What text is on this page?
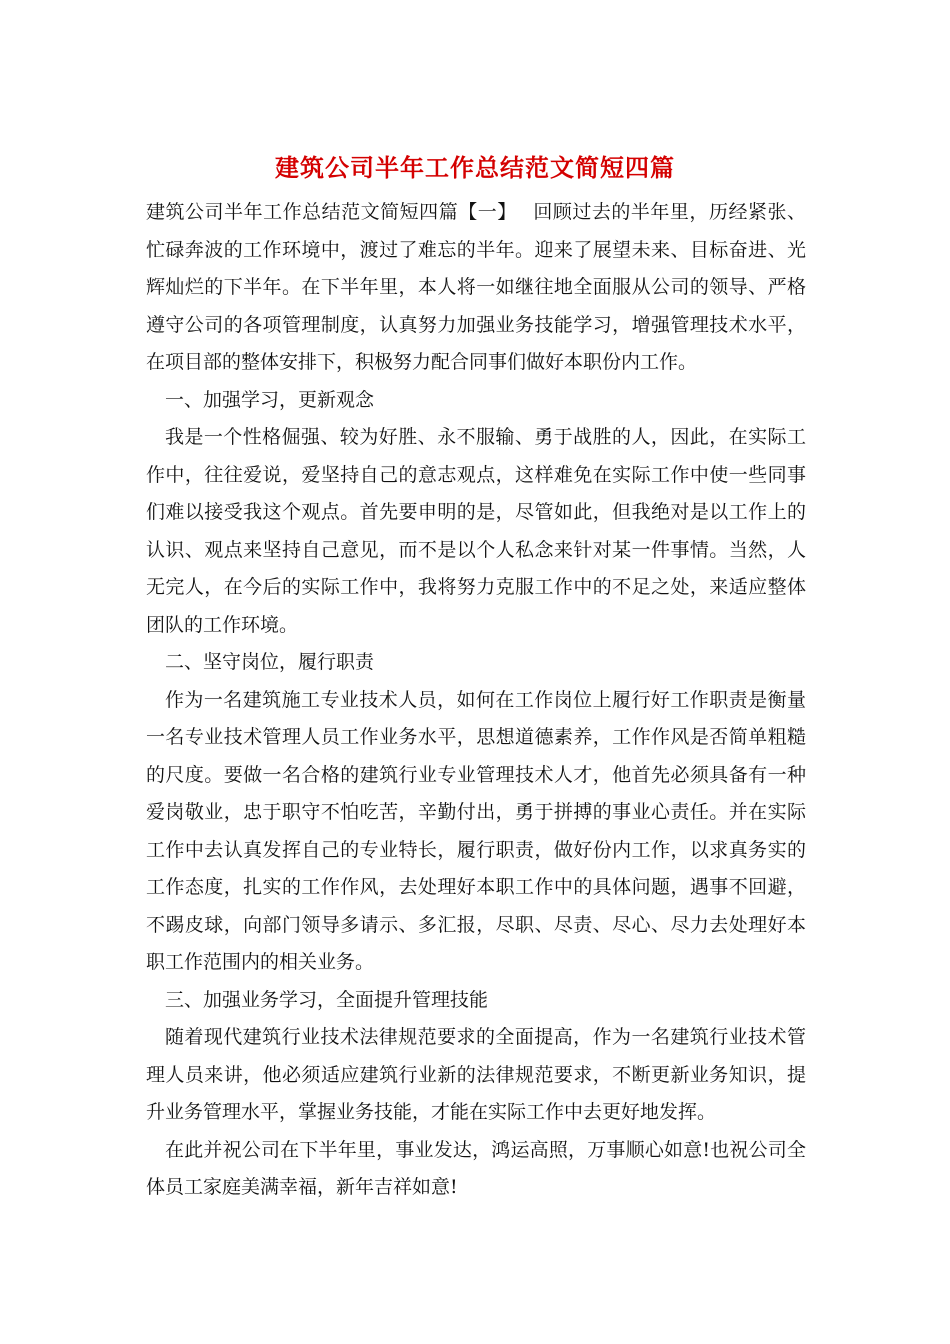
建筑公司半年工作总结范文简短四篇

建筑公司半年工作总结范文简短四篇【一】　 回顾过去的半年里，历经紧张、忙碌奔波的工作环境中，渡过了难忘的半年。迎来了展望未来、目标奋进、光辉灿烂的下半年。在下半年里，本人将一如继往地全面服从公司的领导、严格遵守公司的各项管理制度，认真努力加强业务技能学习，增强管理技术水平，在项目部的整体安排下，积极努力配合同事们做好本职份内工作。

一、加强学习，更新观念

我是一个性格倔强、较为好胜、永不服输、勇于战胜的人，因此，在实际工作中，往往爱说，爱坚持自己的意志观点，这样难免在实际工作中使一些同事们难以接受我这个观点。首先要申明的是，尽管如此，但我绝对是以工作上的认识、观点来坚持自己意见，而不是以个人私念来针对某一件事情。当然，人无完人，在今后的实际工作中，我将努力克服工作中的不足之处，来适应整体团队的工作环境。

二、坚守岗位，履行职责

作为一名建筑施工专业技术人员，如何在工作岗位上履行好工作职责是衡量一名专业技术管理人员工作业务水平，思想道德素养，工作作风是否简单粗糙的尺度。要做一名合格的建筑行业专业管理技术人才，他首先必须具备有一种爱岗敬业，忠于职守不怕吃苦，辛勤付出，勇于拼搏的事业心责任。并在实际工作中去认真发挥自己的专业特长，履行职责，做好份内工作，以求真务实的工作态度，扎实的工作作风，去处理好本职工作中的具体问题，遇事不回避，不踢皮球，向部门领导多请示、多汇报，尽职、尽责、尽心、尽力去处理好本职工作范围内的相关业务。

三、加强业务学习，全面提升管理技能

随着现代建筑行业技术法律规范要求的全面提高，作为一名建筑行业技术管理人员来讲，他必须适应建筑行业新的法律规范要求，不断更新业务知识，提升业务管理水平，掌握业务技能，才能在实际工作中去更好地发挥。

在此并祝公司在下半年里，事业发达，鸿运高照，万事顺心如意!也祝公司全体员工家庭美满幸福，新年吉祥如意!
